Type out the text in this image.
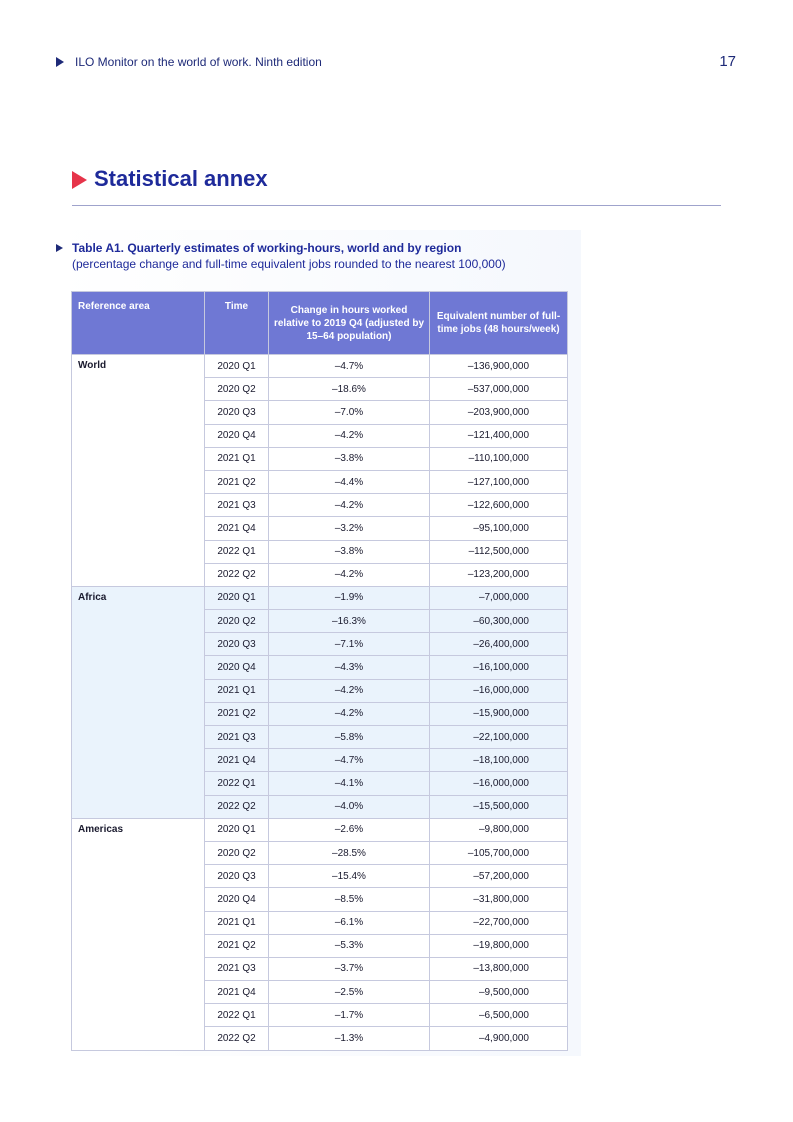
ILO Monitor on the world of work. Ninth edition	17
Statistical annex
Table A1. Quarterly estimates of working-hours, world and by region
(percentage change and full-time equivalent jobs rounded to the nearest 100,000)
Reference area	Time	Change in hours worked relative to 2019 Q4 (adjusted by 15–64 population)	Equivalent number of full-time jobs (48 hours/week)
World	2020 Q1	–4.7%	–136,900,000
	2020 Q2	–18.6%	–537,000,000
	2020 Q3	–7.0%	–203,900,000
	2020 Q4	–4.2%	–121,400,000
	2021 Q1	–3.8%	–110,100,000
	2021 Q2	–4.4%	–127,100,000
	2021 Q3	–4.2%	–122,600,000
	2021 Q4	–3.2%	–95,100,000
	2022 Q1	–3.8%	–112,500,000
	2022 Q2	–4.2%	–123,200,000
Africa	2020 Q1	–1.9%	–7,000,000
	2020 Q2	–16.3%	–60,300,000
	2020 Q3	–7.1%	–26,400,000
	2020 Q4	–4.3%	–16,100,000
	2021 Q1	–4.2%	–16,000,000
	2021 Q2	–4.2%	–15,900,000
	2021 Q3	–5.8%	–22,100,000
	2021 Q4	–4.7%	–18,100,000
	2022 Q1	–4.1%	–16,000,000
	2022 Q2	–4.0%	–15,500,000
Americas	2020 Q1	–2.6%	–9,800,000
	2020 Q2	–28.5%	–105,700,000
	2020 Q3	–15.4%	–57,200,000
	2020 Q4	–8.5%	–31,800,000
	2021 Q1	–6.1%	–22,700,000
	2021 Q2	–5.3%	–19,800,000
	2021 Q3	–3.7%	–13,800,000
	2021 Q4	–2.5%	–9,500,000
	2022 Q1	–1.7%	–6,500,000
	2022 Q2	–1.3%	–4,900,000
